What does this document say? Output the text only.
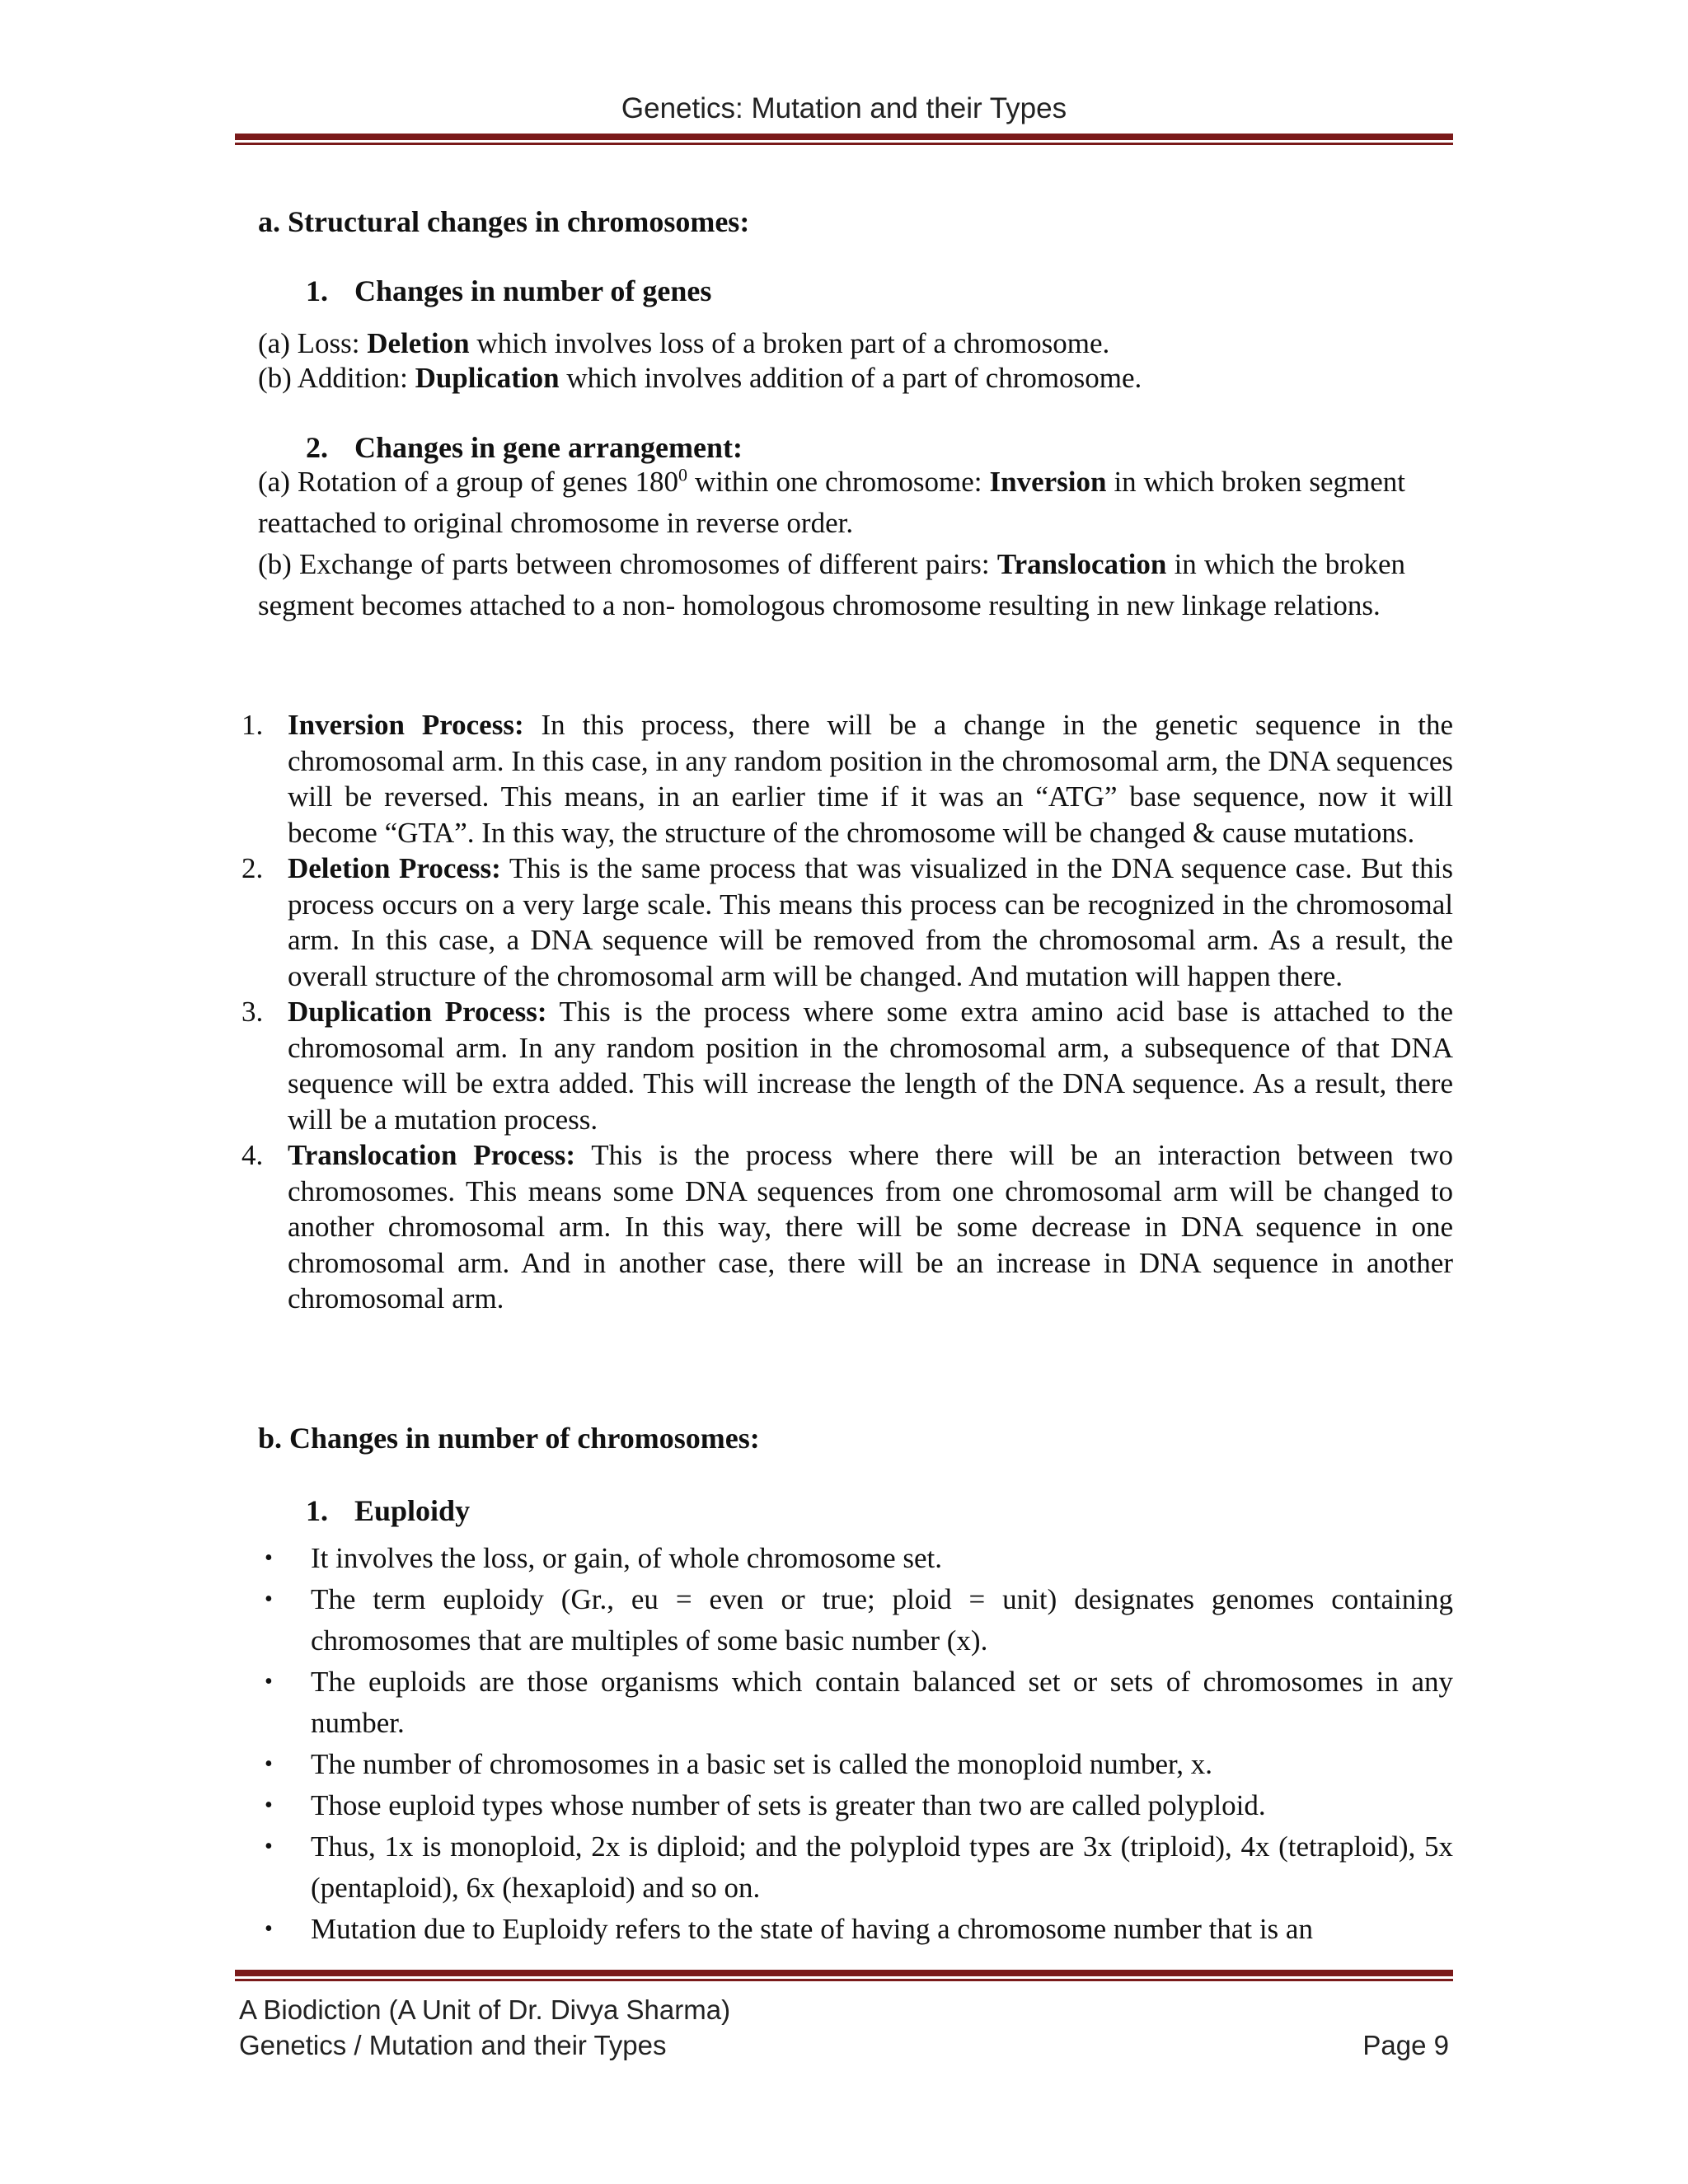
Genetics: Mutation and their Types
a. Structural changes in chromosomes:
1. Changes in number of genes
(a) Loss: Deletion which involves loss of a broken part of a chromosome.
(b) Addition: Duplication which involves addition of a part of chromosome.
2. Changes in gene arrangement:
(a) Rotation of a group of genes $180^0$ within one chromosome: Inversion in which broken segment reattached to original chromosome in reverse order.
(b) Exchange of parts between chromosomes of different pairs: Translocation in which the broken segment becomes attached to a non- homologous chromosome resulting in new linkage relations.
1. Inversion Process: In this process, there will be a change in the genetic sequence in the chromosomal arm. In this case, in any random position in the chromosomal arm, the DNA sequences will be reversed. This means, in an earlier time if it was an “ATG” base sequence, now it will become “GTA”. In this way, the structure of the chromosome will be changed & cause mutations.
2. Deletion Process: This is the same process that was visualized in the DNA sequence case. But this process occurs on a very large scale. This means this process can be recognized in the chromosomal arm. In this case, a DNA sequence will be removed from the chromosomal arm. As a result, the overall structure of the chromosomal arm will be changed. And mutation will happen there.
3. Duplication Process: This is the process where some extra amino acid base is attached to the chromosomal arm. In any random position in the chromosomal arm, a subsequence of that DNA sequence will be extra added. This will increase the length of the DNA sequence. As a result, there will be a mutation process.
4. Translocation Process: This is the process where there will be an interaction between two chromosomes. This means some DNA sequences from one chromosomal arm will be changed to another chromosomal arm. In this way, there will be some decrease in DNA sequence in one chromosomal arm. And in another case, there will be an increase in DNA sequence in another chromosomal arm.
b. Changes in number of chromosomes:
1. Euploidy
• It involves the loss, or gain, of whole chromosome set.
• The term euploidy (Gr., eu = even or true; ploid = unit) designates genomes containing chromosomes that are multiples of some basic number (x).
• The euploids are those organisms which contain balanced set or sets of chromosomes in any number.
• The number of chromosomes in a basic set is called the monoploid number, x.
• Those euploid types whose number of sets is greater than two are called polyploid.
• Thus, 1x is monoploid, 2x is diploid; and the polyploid types are 3x (triploid), 4x (tetraploid), 5x (pentaploid), 6x (hexaploid) and so on.
• Mutation due to Euploidy refers to the state of having a chromosome number that is an
A Biodiction (A Unit of Dr. Divya Sharma)
Genetics / Mutation and their Types	Page 9
